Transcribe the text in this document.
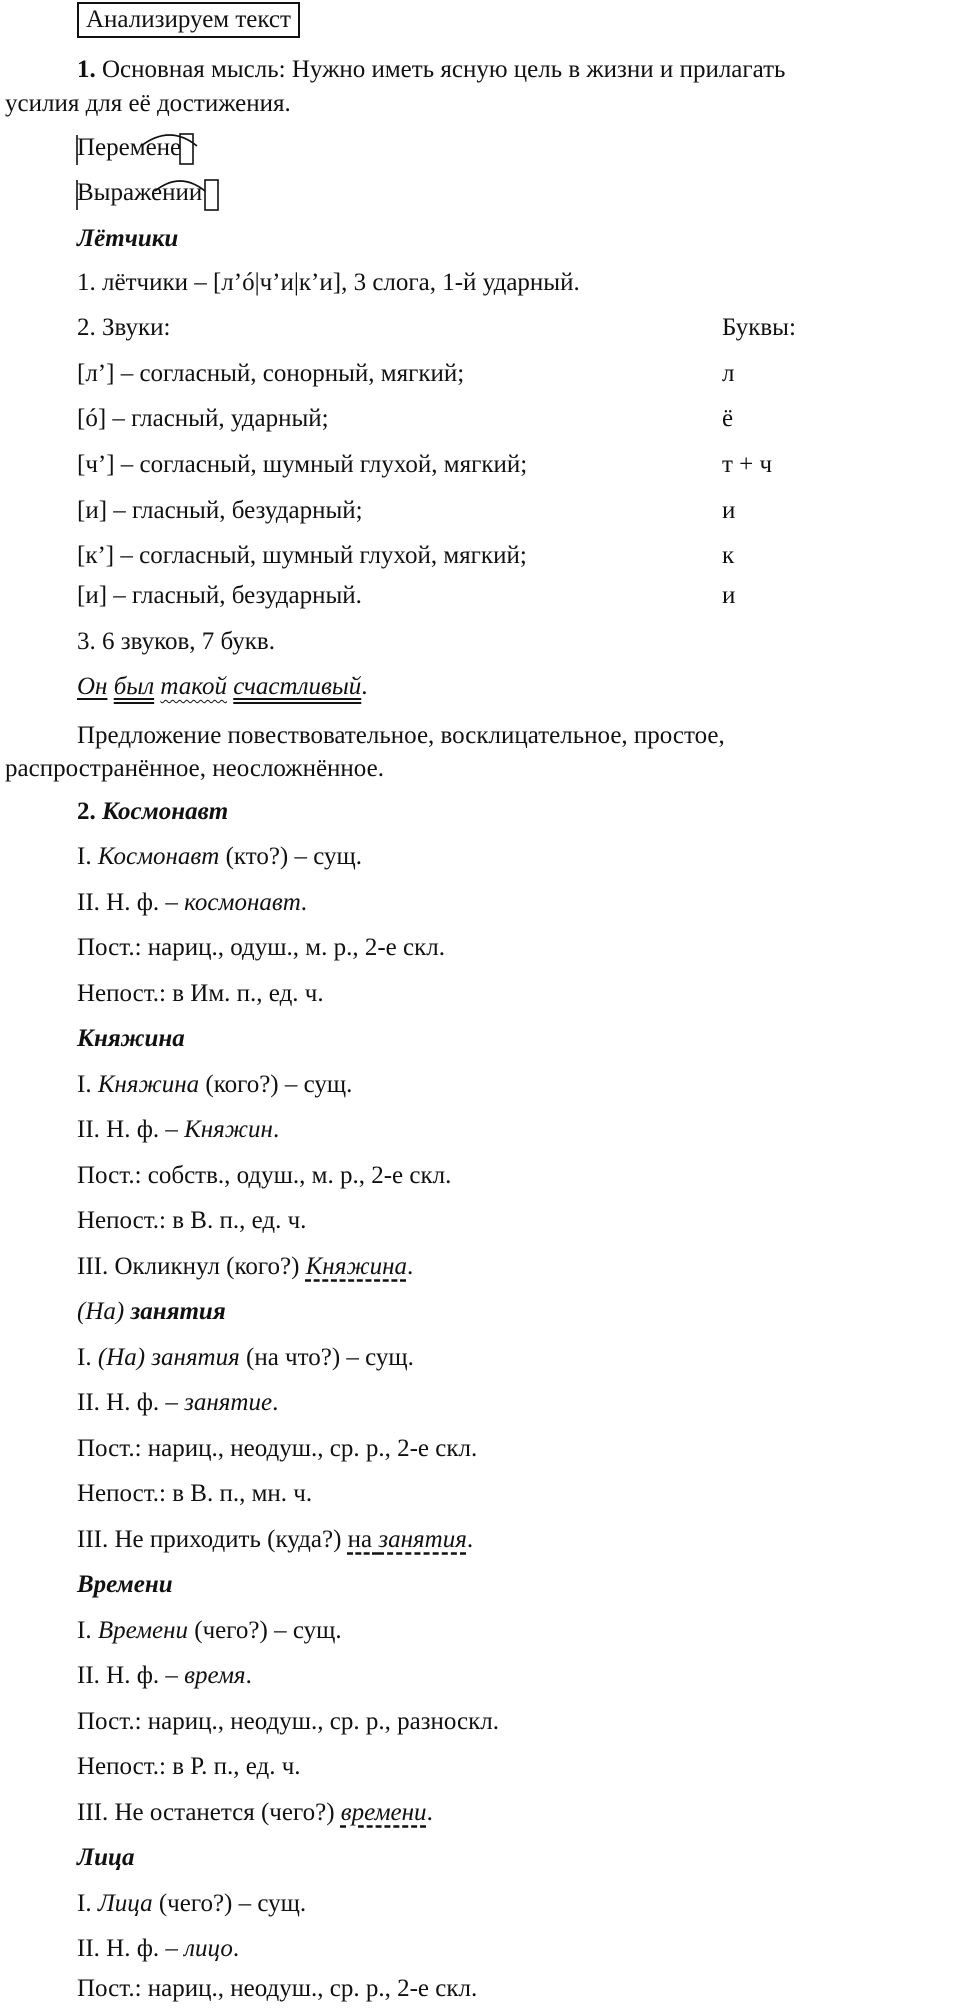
Анализируем текст
1. Основная мысль: Нужно иметь ясную цель в жизни и прилагать
усилия для её достижения.
Перемене
Выражении
Лётчики
1. лётчики – [л’ó|ч’и|к’и], 3 слога, 1-й ударный.
2. Звуки:	Буквы:
[л’] – согласный, сонорный, мягкий;	л
[ó] – гласный, ударный;	ё
[ч’] – согласный, шумный глухой, мягкий;	т + ч
[и] – гласный, безударный;	и
[к’] – согласный, шумный глухой, мягкий;	к
[и] – гласный, безударный.	и
3. 6 звуков, 7 букв.
Он был такой счастливый.
Предложение повествовательное, восклицательное, простое,
распространённое, неосложнённое.
2. Космонавт
I. Космонавт (кто?) – сущ.
II. Н. ф. – космонавт.
Пост.: нариц., одуш., м. р., 2-е скл.
Непост.: в Им. п., ед. ч.
Княжина
I. Княжина (кого?) – сущ.
II. Н. ф. – Княжин.
Пост.: собств., одуш., м. р., 2-е скл.
Непост.: в В. п., ед. ч.
III. Окликнул (кого?) Княжина.
(На) занятия
I. (На) занятия (на что?) – сущ.
II. Н. ф. – занятие.
Пост.: нариц., неодуш., ср. р., 2-е скл.
Непост.: в В. п., мн. ч.
III. Не приходить (куда?) на занятия.
Времени
I. Времени (чего?) – сущ.
II. Н. ф. – время.
Пост.: нариц., неодуш., ср. р., разноскл.
Непост.: в Р. п., ед. ч.
III. Не останется (чего?) времени.
Лица
I. Лица (чего?) – сущ.
II. Н. ф. – лицо.
Пост.: нариц., неодуш., ср. р., 2-е скл.
